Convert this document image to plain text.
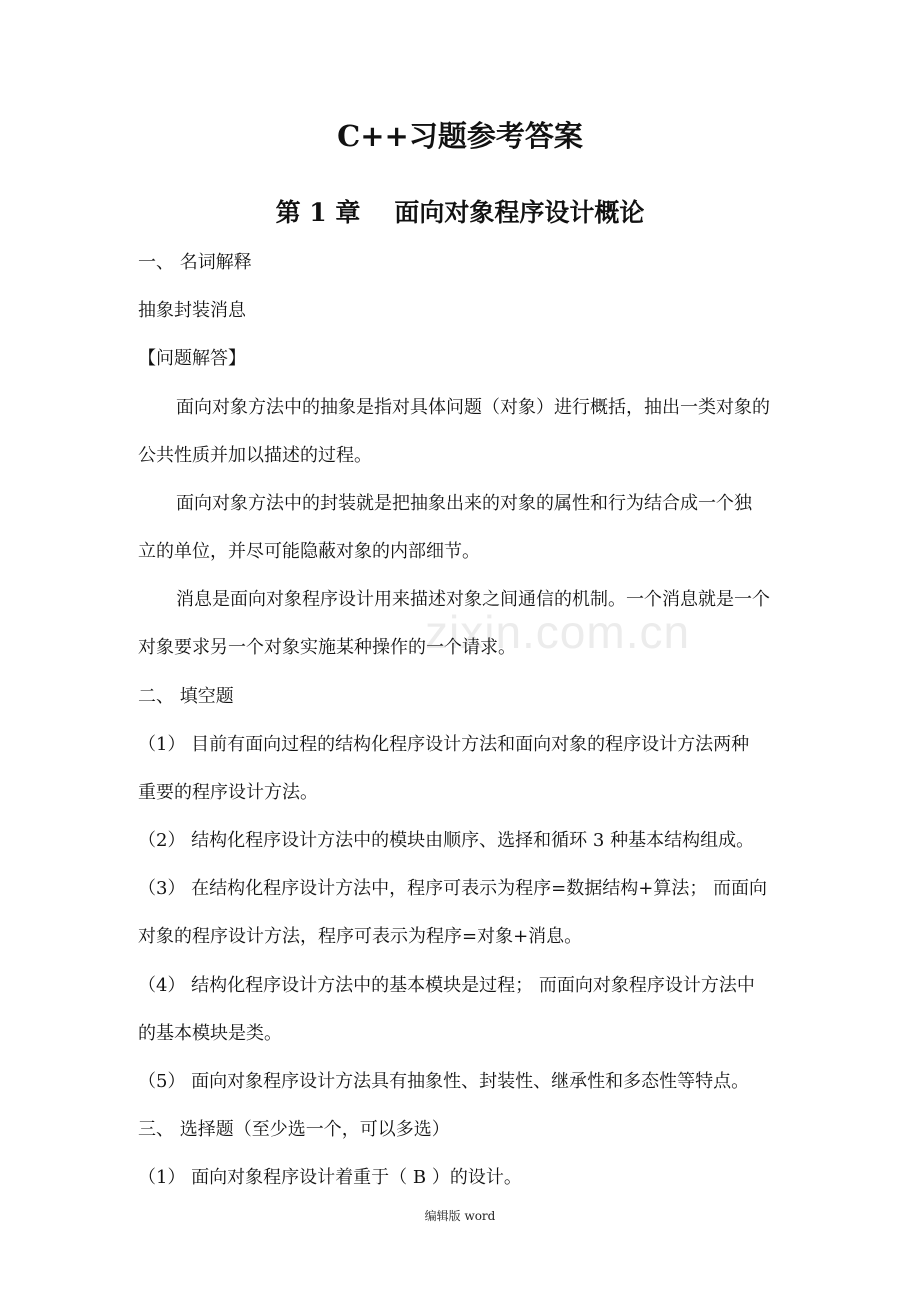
zixin.com.cn
C++习题参考答案
第 1 章 面向对象程序设计概论
一、 名词解释
抽象封装消息
【问题解答】
面向对象方法中的抽象是指对具体问题（对象）进行概括，抽出一类对象的
公共性质并加以描述的过程。
面向对象方法中的封装就是把抽象出来的对象的属性和行为结合成一个独
立的单位，并尽可能隐蔽对象的内部细节。
消息是面向对象程序设计用来描述对象之间通信的机制。一个消息就是一个
对象要求另一个对象实施某种操作的一个请求。
二、 填空题
（1） 目前有面向过程的结构化程序设计方法和面向对象的程序设计方法两种
重要的程序设计方法。
（2） 结构化程序设计方法中的模块由顺序、选择和循环 3 种基本结构组成。
（3） 在结构化程序设计方法中，程序可表示为程序=数据结构+算法； 而面向
对象的程序设计方法，程序可表示为程序=对象+消息。
（4） 结构化程序设计方法中的基本模块是过程； 而面向对象程序设计方法中
的基本模块是类。
（5） 面向对象程序设计方法具有抽象性、封装性、继承性和多态性等特点。
三、 选择题（至少选一个，可以多选）
（1） 面向对象程序设计着重于（ B ）的设计。
编辑版 word
